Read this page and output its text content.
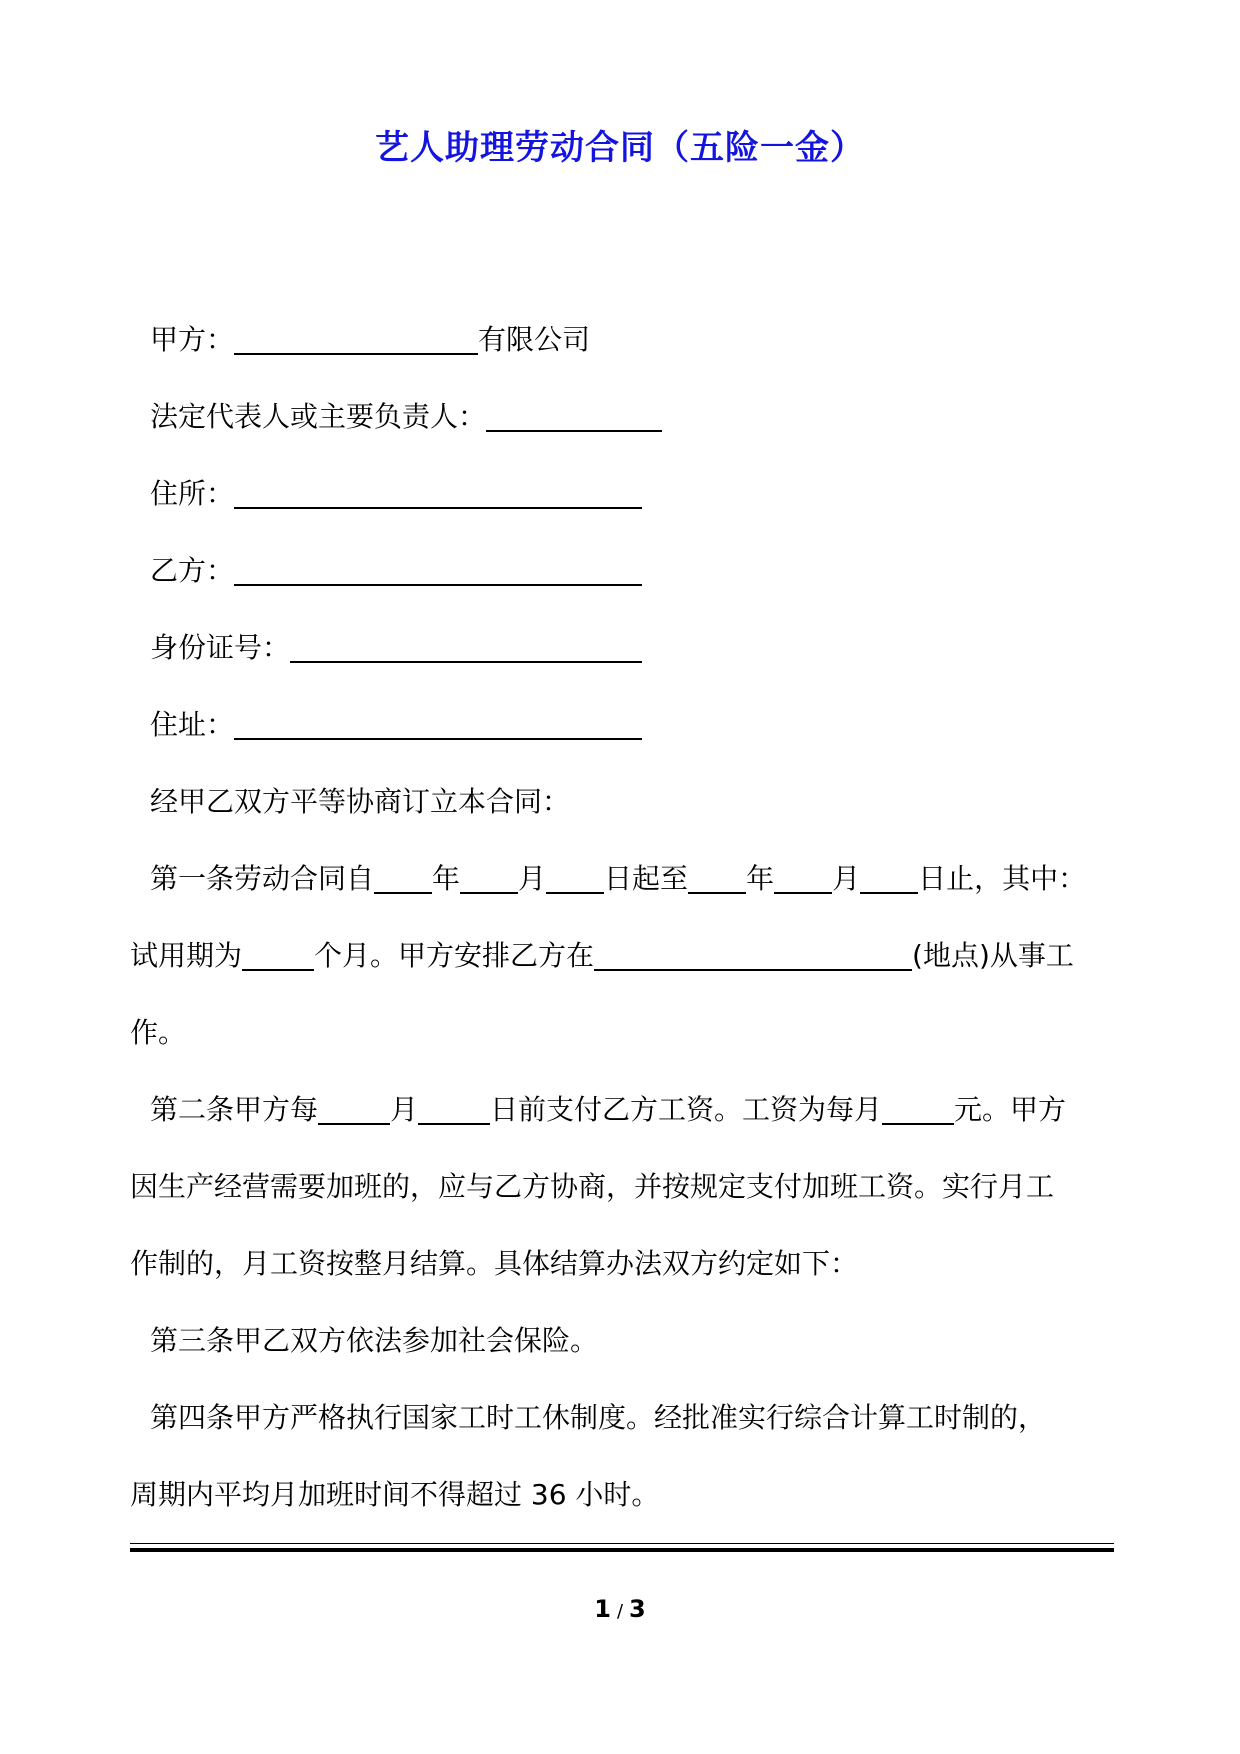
艺人助理劳动合同（五险一金）
甲方：	有限公司
法定代表人或主要负责人：
住所：
乙方：
身份证号：
住址：
经甲乙双方平等协商订立本合同：
第一条劳动合同自 年 月 日起至 年 月 日止，其中：
试用期为	个月。甲方安排乙方在	(地点)从事工
作。
第二条甲方每	月	日前支付乙方工资。工资为每月	元。甲方
因生产经营需要加班的，应与乙方协商，并按规定支付加班工资。实行月工
作制的，月工资按整月结算。具体结算办法双方约定如下：
第三条甲乙双方依法参加社会保险。
第四条甲方严格执行国家工时工休制度。经批准实行综合计算工时制的，
周期内平均月加班时间不得超过 36 小时。
1 / 3
